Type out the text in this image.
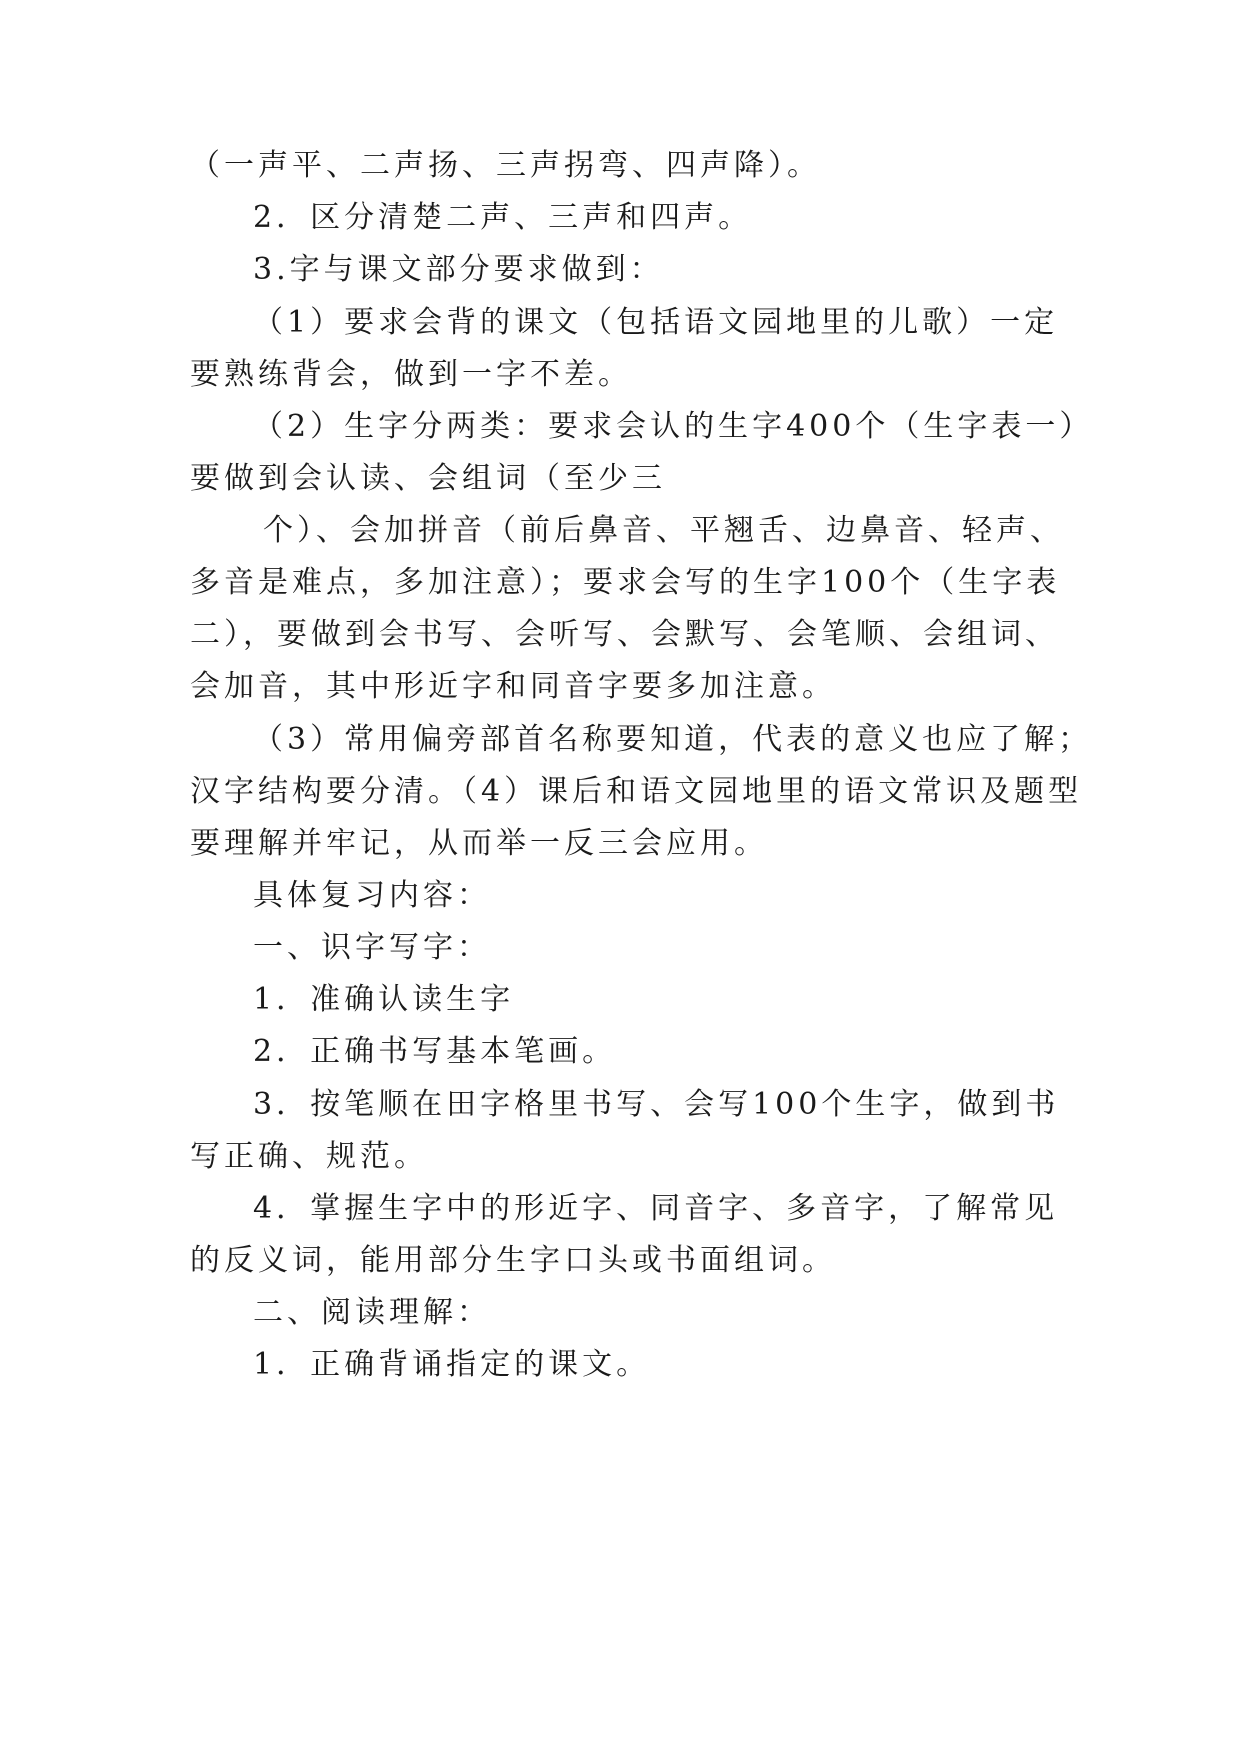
（一声平、二声扬、三声拐弯、四声降）。

2．区分清楚二声、三声和四声。

3.字与课文部分要求做到：

（1）要求会背的课文（包括语文园地里的儿歌）一定

要熟练背会，做到一字不差。

（2）生字分两类：要求会认的生字400个（生字表一）

要做到会认读、会组词（至少三

个）、会加拼音（前后鼻音、平翘舌、边鼻音、轻声、

多音是难点，多加注意）；要求会写的生字100个（生字表

二），要做到会书写、会听写、会默写、会笔顺、会组词、

会加音，其中形近字和同音字要多加注意。

（3）常用偏旁部首名称要知道，代表的意义也应了解；

汉字结构要分清。（4）课后和语文园地里的语文常识及题型

要理解并牢记，从而举一反三会应用。

具体复习内容：

一、识字写字：

1．准确认读生字

2．正确书写基本笔画。

3．按笔顺在田字格里书写、会写100个生字，做到书

写正确、规范。

4．掌握生字中的形近字、同音字、多音字，了解常见

的反义词，能用部分生字口头或书面组词。

二、阅读理解：

1．正确背诵指定的课文。
